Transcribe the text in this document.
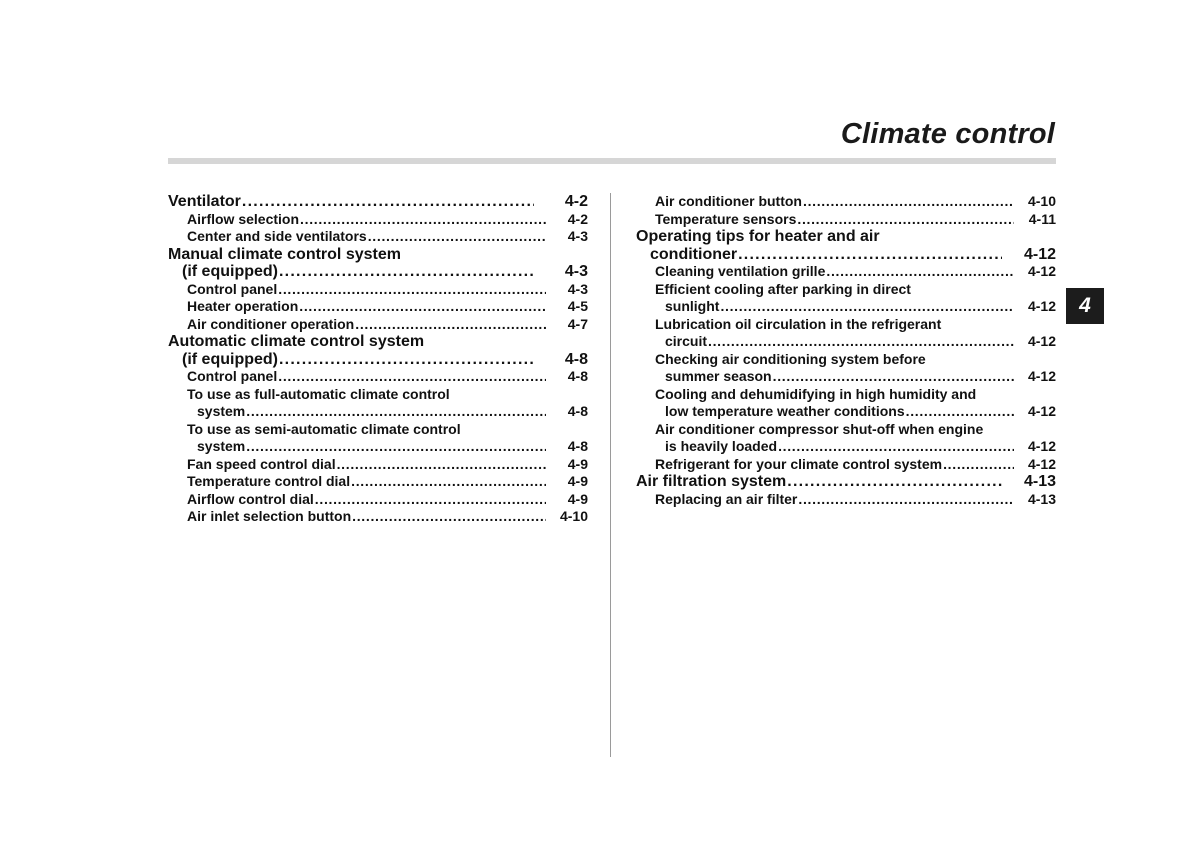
Climate control
4
Ventilator . . .	4-2
Airflow selection . . .	4-2
Center and side ventilators . . .	4-3
Manual climate control system
(if equipped) . . .	4-3
Control panel . . .	4-3
Heater operation . . .	4-5
Air conditioner operation . . .	4-7
Automatic climate control system
(if equipped) . . .	4-8
Control panel . . .	4-8
To use as full-automatic climate control
system . . .	4-8
To use as semi-automatic climate control
system . . .	4-8
Fan speed control dial . . .	4-9
Temperature control dial . . .	4-9
Airflow control dial . . .	4-9
Air inlet selection button . . .	4-10
Air conditioner button . . .	4-10
Temperature sensors . . .	4-11
Operating tips for heater and air
conditioner . . .	4-12
Cleaning ventilation grille . . .	4-12
Efficient cooling after parking in direct
sunlight . . .	4-12
Lubrication oil circulation in the refrigerant
circuit . . .	4-12
Checking air conditioning system before
summer season . . .	4-12
Cooling and dehumidifying in high humidity and
low temperature weather conditions . . .	4-12
Air conditioner compressor shut-off when engine
is heavily loaded . . .	4-12
Refrigerant for your climate control system . . .	4-12
Air filtration system . . .	4-13
Replacing an air filter . . .	4-13
